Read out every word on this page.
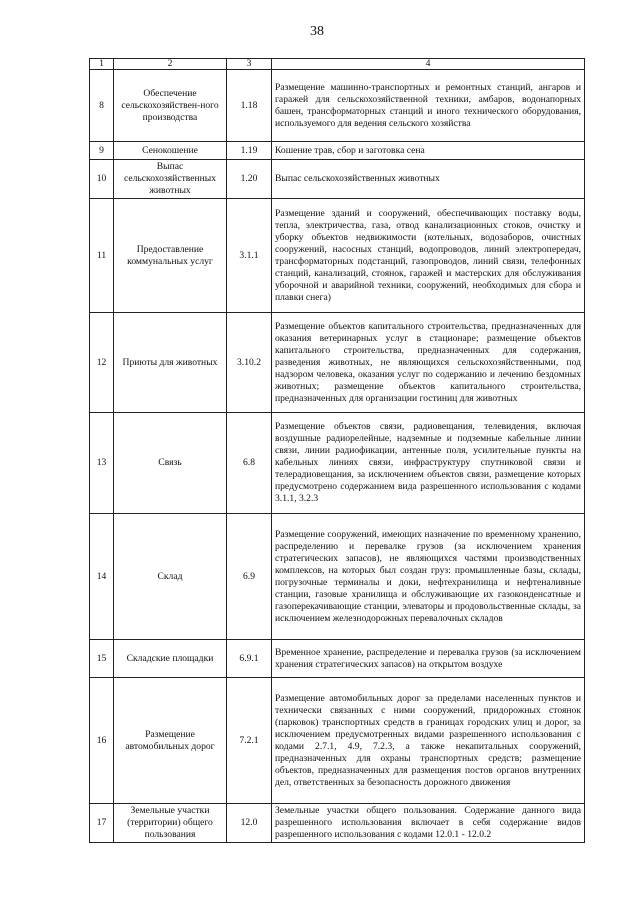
38
1	2	3	4
8	Обеспечение сельскохозяйствен-ного производства	1.18	Размещение машинно-транспортных и ремонтных станций, ангаров и гаражей для сельскохозяйственной техники, амбаров, водонапорных башен, трансформаторных станций и иного технического оборудования, используемого для ведения сельского хозяйства
9	Сенокошение	1.19	Кошение трав, сбор и заготовка сена
10	Выпас сельскохозяйственных животных	1.20	Выпас сельскохозяйственных животных
11	Предоставление коммунальных услуг	3.1.1	Размещение зданий и сооружений, обеспечивающих поставку воды, тепла, электричества, газа, отвод канализационных стоков, очистку и уборку объектов недвижимости (котельных, водозаборов, очистных сооружений, насосных станций, водопроводов, линий электропередач, трансформаторных подстанций, газопроводов, линий связи, телефонных станций, канализаций, стоянок, гаражей и мастерских для обслуживания уборочной и аварийной техники, сооружений, необходимых для сбора и плавки снега)
12	Приюты для животных	3.10.2	Размещение объектов капитального строительства, предназначенных для оказания ветеринарных услуг в стационаре; размещение объектов капитального строительства, предназначенных для содержания, разведения животных, не являющихся сельскохозяйственными, под надзором человека, оказания услуг по содержанию и лечению бездомных животных; размещение объектов капитального строительства, предназначенных для организации гостиниц для животных
13	Связь	6.8	Размещение объектов связи, радиовещания, телевидения, включая воздушные радиорелейные, надземные и подземные кабельные линии связи, линии радиофикации, антенные поля, усилительные пункты на кабельных линиях связи, инфраструктуру спутниковой связи и телерадиовещания, за исключением объектов связи, размещение которых предусмотрено содержанием вида разрешенного использования с кодами 3.1.1, 3.2.3
14	Склад	6.9	Размещение сооружений, имеющих назначение по временному хранению, распределению и перевалке грузов (за исключением хранения стратегических запасов), не являющихся частями производственных комплексов, на которых был создан груз: промышленные базы, склады, погрузочные терминалы и доки, нефтехранилища и нефтеналивные станции, газовые хранилища и обслуживающие их газоконденсатные и газоперекачивающие станции, элеваторы и продовольственные склады, за исключением железнодорожных перевалочных складов
15	Складские площадки	6.9.1	Временное хранение, распределение и перевалка грузов (за исключением хранения стратегических запасов) на открытом воздухе
16	Размещение автомобильных дорог	7.2.1	Размещение автомобильных дорог за пределами населенных пунктов и технически связанных с ними сооружений, придорожных стоянок (парковок) транспортных средств в границах городских улиц и дорог, за исключением предусмотренных видами разрешенного использования с кодами 2.7.1, 4.9, 7.2.3, а также некапитальных сооружений, предназначенных для охраны транспортных средств; размещение объектов, предназначенных для размещения постов органов внутренних дел, ответственных за безопасность дорожного движения
17	Земельные участки (территории) общего пользования	12.0	Земельные участки общего пользования. Содержание данного вида разрешенного использования включает в себя содержание видов разрешенного использования с кодами 12.0.1 - 12.0.2
